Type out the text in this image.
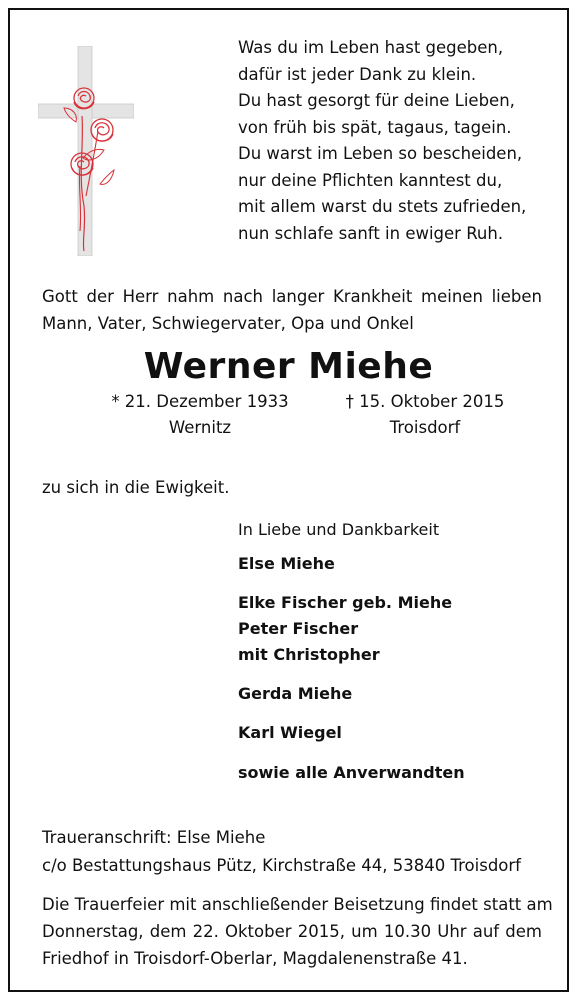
Was du im Leben hast gegeben,
dafür ist jeder Dank zu klein.
Du hast gesorgt für deine Lieben,
von früh bis spät, tagaus, tagein.
Du warst im Leben so bescheiden,
nur deine Pflichten kanntest du,
mit allem warst du stets zufrieden,
nun schlafe sanft in ewiger Ruh.
Gott der Herr nahm nach langer Krankheit meinen lieben
Mann, Vater, Schwiegervater, Opa und Onkel
Werner Miehe
* 21. Dezember 1933	† 15. Oktober 2015
Wernitz	Troisdorf
zu sich in die Ewigkeit.
In Liebe und Dankbarkeit
Else Miehe
Elke Fischer geb. Miehe
Peter Fischer
mit Christopher
Gerda Miehe
Karl Wiegel
sowie alle Anverwandten
Traueranschrift: Else Miehe
c/o Bestattungshaus Pütz, Kirchstraße 44, 53840 Troisdorf
Die Trauerfeier mit anschließender Beisetzung findet statt am
Donnerstag, dem 22. Oktober 2015, um 10.30 Uhr auf dem
Friedhof in Troisdorf-Oberlar, Magdalenenstraße 41.
